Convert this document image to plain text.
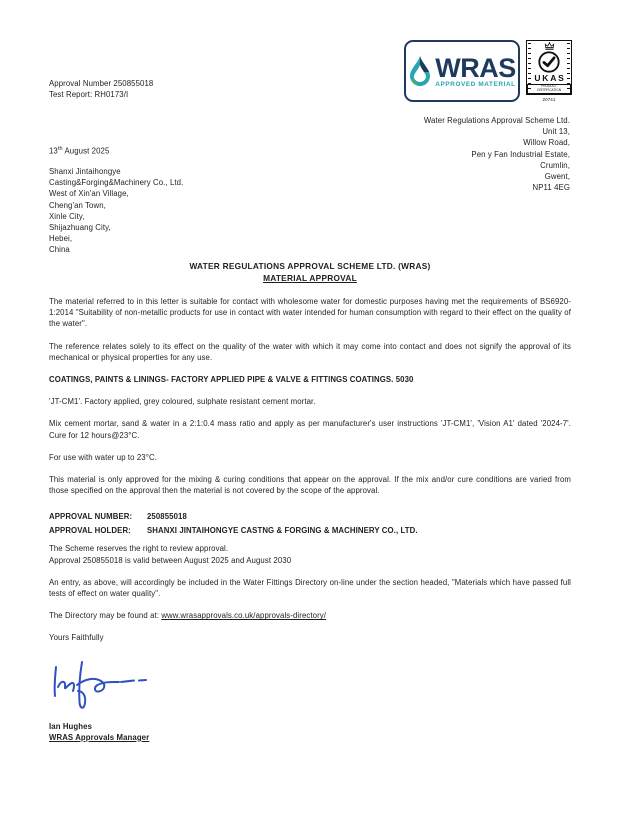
Approval Number 250855018
Test Report: RH0173/I
WRAS
APPROVED MATERIAL
UKAS
PRODUCT CERTIFICATION
20741
Water Regulations Approval Scheme Ltd.
Unit 13,
Willow Road,
Pen y Fan Industrial Estate,
Crumlin,
Gwent,
NP11 4EG
13th August 2025
Shanxi Jintaihongye
Casting&Forging&Machinery Co., Ltd.
West of Xin'an Village,
Cheng'an Town,
Xinle City,
Shijazhuang City,
Hebei,
China
WATER REGULATIONS APPROVAL SCHEME LTD. (WRAS)
MATERIAL APPROVAL

The material referred to in this letter is suitable for contact with wholesome water for domestic purposes having met the requirements of BS6920-1:2014 "Suitability of non-metallic products for use in contact with water intended for human consumption with regard to their effect on the quality of the water".

The reference relates solely to its effect on the quality of the water with which it may come into contact and does not signify the approval of its mechanical or physical properties for any use.

COATINGS, PAINTS & LININGS- FACTORY APPLIED PIPE & VALVE & FITTINGS COATINGS. 5030

'JT-CM1'. Factory applied, grey coloured, sulphate resistant cement mortar.

Mix cement mortar, sand & water in a 2:1:0.4 mass ratio and apply as per manufacturer's user instructions 'JT-CM1', 'Vision A1' dated '2024-7'. Cure for 12 hours@23°C.

For use with water up to 23°C.

This material is only approved for the mixing & curing conditions that appear on the approval. If the mix and/or cure conditions are varied from those specified on the approval then the material is not covered by the scope of the approval.

APPROVAL NUMBER: 250855018
APPROVAL HOLDER: SHANXI JINTAIHONGYE CASTNG & FORGING & MACHINERY CO., LTD.

The Scheme reserves the right to review approval.
Approval 250855018 is valid between August 2025 and August 2030

An entry, as above, will accordingly be included in the Water Fittings Directory on-line under the section headed, "Materials which have passed full tests of effect on water quality".

The Directory may be found at: www.wrasapprovals.co.uk/approvals-directory/

Yours Faithfully

Ian Hughes
WRAS Approvals Manager
